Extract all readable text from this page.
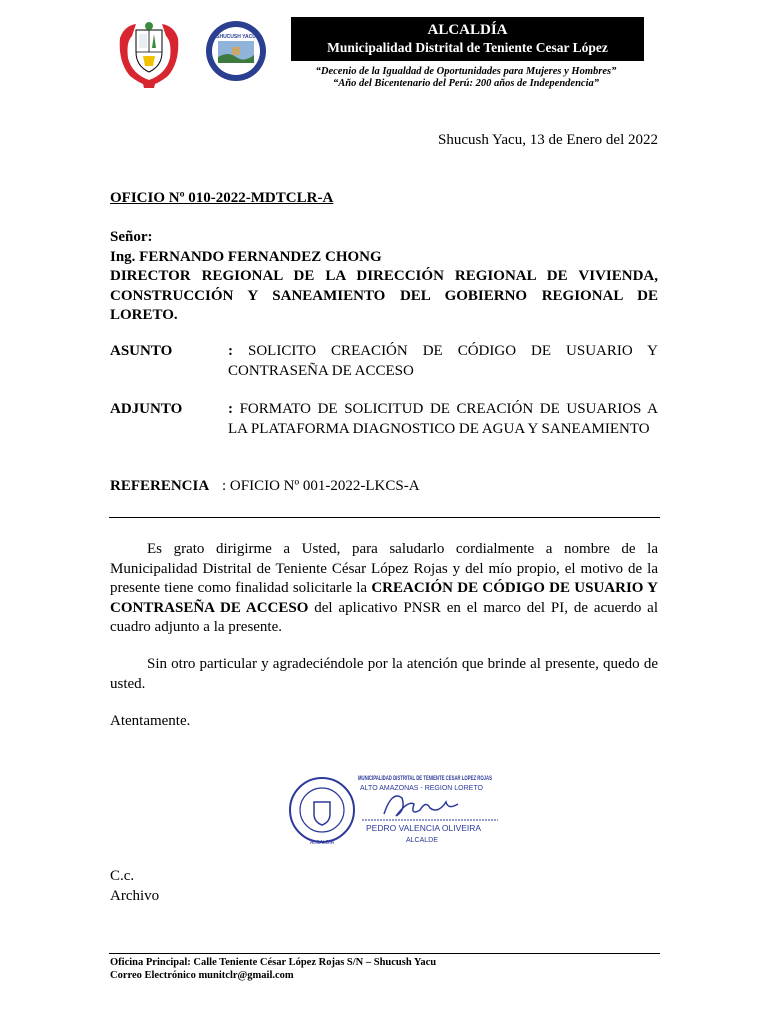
SHUCUSH YACU	ALCALDÍA
Municipalidad Distrital de Teniente Cesar López
“Decenio de la Igualdad de Oportunidades para Mujeres y Hombres”
“Año del Bicentenario del Perú: 200 años de Independencia”
Shucush Yacu, 13 de Enero del 2022
OFICIO Nº 010-2022-MDTCLR-A
Señor:
Ing. FERNANDO FERNANDEZ CHONG
DIRECTOR REGIONAL DE LA DIRECCIÓN REGIONAL DE VIVIENDA, CONSTRUCCIÓN Y SANEAMIENTO DEL GOBIERNO REGIONAL DE LORETO.
ASUNTO	: SOLICITO CREACIÓN DE CÓDIGO DE USUARIO Y CONTRASEÑA DE ACCESO
ADJUNTO	: FORMATO DE SOLICITUD DE CREACIÓN DE USUARIOS A LA PLATAFORMA DIAGNOSTICO DE AGUA Y SANEAMIENTO
REFERENCIA : OFICIO Nº 001-2022-LKCS-A
Es grato dirigirme a Usted, para saludarlo cordialmente a nombre de la Municipalidad Distrital de Teniente César López Rojas y del mío propio, el motivo de la presente tiene como finalidad solicitarle la CREACIÓN DE CÓDIGO DE USUARIO Y CONTRASEÑA DE ACCESO del aplicativo PNSR en el marco del PI, de acuerdo al cuadro adjunto a la presente.
Sin otro particular y agradeciéndole por la atención que brinde al presente, quedo de usted.
Atentamente.
ALCALDÍA
MUNICIPALIDAD DISTRITAL DE TENIENTE CESAR LOPEZ ROJAS
ALTO AMAZONAS - REGION LORETO
PEDRO VALENCIA OLIVEIRA
ALCALDE
C.c.
Archivo
Oficina Principal: Calle Teniente César López Rojas S/N – Shucush Yacu
Correo Electrónico munitclr@gmail.com
